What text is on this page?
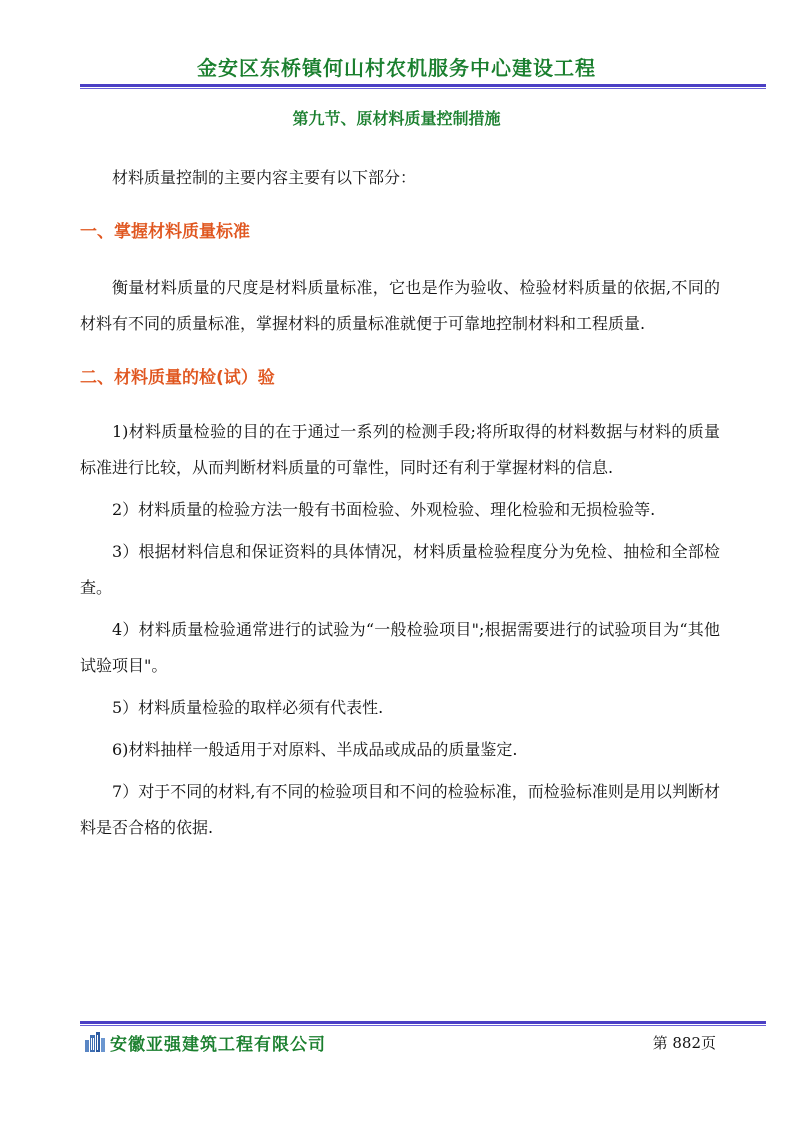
金安区东桥镇何山村农机服务中心建设工程
第九节、原材料质量控制措施

材料质量控制的主要内容主要有以下部分：

一、掌握材料质量标准

衡量材料质量的尺度是材料质量标准，它也是作为验收、检验材料质量的依据,不同的材料有不同的质量标准，掌握材料的质量标准就便于可靠地控制材料和工程质量.

二、材料质量的检(试）验

1)材料质量检验的目的在于通过一系列的检测手段;将所取得的材料数据与材料的质量标准进行比较，从而判断材料质量的可靠性，同时还有利于掌握材料的信息.

2）材料质量的检验方法一般有书面检验、外观检验、理化检验和无损检验等.

3）根据材料信息和保证资料的具体情况，材料质量检验程度分为免检、抽检和全部检查。

4）材料质量检验通常进行的试验为“一般检验项目";根据需要进行的试验项目为“其他试验项目"。

5）材料质量检验的取样必须有代表性.

6)材料抽样一般适用于对原料、半成品或成品的质量鉴定.

7）对于不同的材料,有不同的检验项目和不问的检验标准，而检验标准则是用以判断材料是否合格的依据.

安徽亚强建筑工程有限公司	第 882页
